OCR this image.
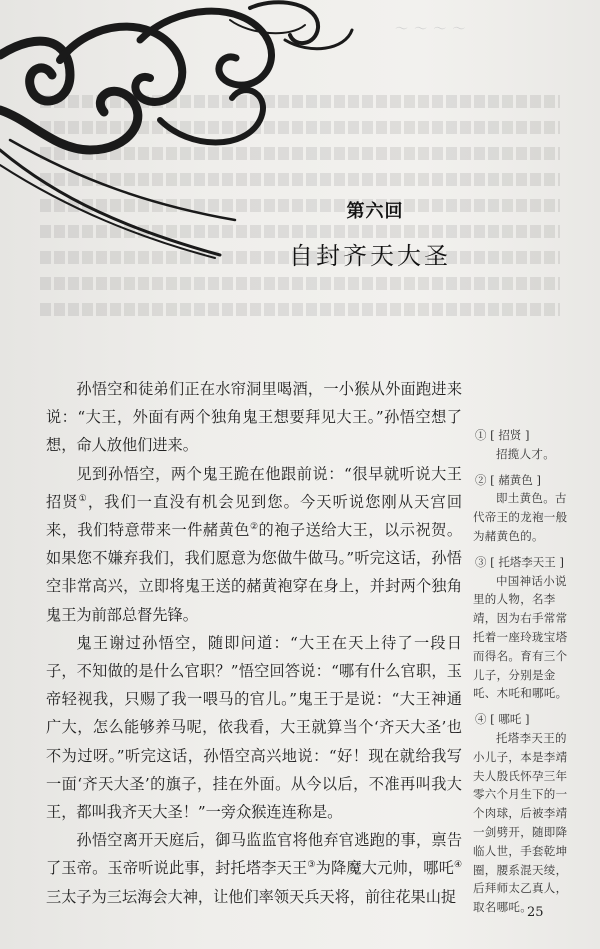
〜 〜 〜 〜
第六回
自封齐天大圣

孙悟空和徒弟们正在水帘洞里喝酒，一小猴从外面跑进来说：“大王，外面有两个独角鬼王想要拜见大王。”孙悟空想了想，命人放他们进来。

见到孙悟空，两个鬼王跪在他跟前说：“很早就听说大王招贤①，我们一直没有机会见到您。今天听说您刚从天宫回来，我们特意带来一件赭黄色②的袍子送给大王，以示祝贺。如果您不嫌弃我们，我们愿意为您做牛做马。”听完这话，孙悟空非常高兴，立即将鬼王送的赭黄袍穿在身上，并封两个独角鬼王为前部总督先锋。

鬼王谢过孙悟空，随即问道：“大王在天上待了一段日子，不知做的是什么官职？”悟空回答说：“哪有什么官职，玉帝轻视我，只赐了我一喂马的官儿。”鬼王于是说：“大王神通广大，怎么能够养马呢，依我看，大王就算当个‘齐天大圣’也不为过呀。”听完这话，孙悟空高兴地说：“好！现在就给我写一面‘齐天大圣’的旗子，挂在外面。从今以后，不准再叫我大王，都叫我齐天大圣！”一旁众猴连连称是。

孙悟空离开天庭后，御马监监官将他弃官逃跑的事，禀告了玉帝。玉帝听说此事，封托塔李天王③为降魔大元帅，哪吒④三太子为三坛海会大神，让他们率领天兵天将，前往花果山捉

① [ 招贤 ]
招揽人才。
② [ 赭黄色 ]
即土黄色。古代帝王的龙袍一般为赭黄色的。
③ [ 托塔李天王 ]
中国神话小说里的人物，名李靖，因为右手常常托着一座玲珑宝塔而得名。育有三个儿子，分别是金吒、木吒和哪吒。
④ [ 哪吒 ]
托塔李天王的小儿子，本是李靖夫人殷氏怀孕三年零六个月生下的一个肉球，后被李靖一剑劈开，随即降临人世，手套乾坤圈，腰系混天绫，后拜师太乙真人，取名哪吒。
25
